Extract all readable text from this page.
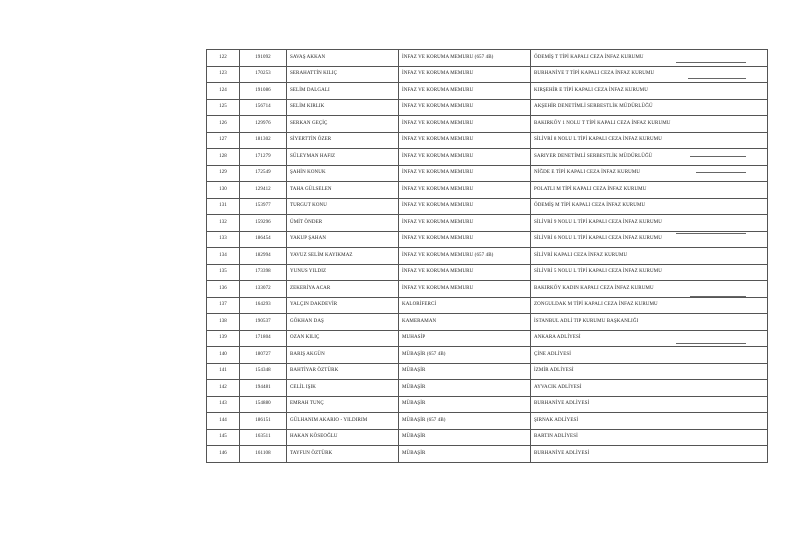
122	191092	SAVAŞ AKKAN	İNFAZ VE KORUMA MEMURU (657 4B)	ÖDEMİŞ T TİPİ KAPALI CEZA İNFAZ KURUMU
123	170253	SERAHATTİN KILIÇ	İNFAZ VE KORUMA MEMURU	BURHANİYE T TİPİ KAPALI CEZA İNFAZ KURUMU
124	191086	SELİM DALGALI	İNFAZ VE KORUMA MEMURU	KIRŞEHİR E TİPİ KAPALI CEZA İNFAZ KURUMU
125	156714	SELİM KIRLIK	İNFAZ VE KORUMA MEMURU	AKŞEHİR DENETİMLİ SERBESTLİK MÜDÜRLÜĞÜ
126	129976	SERKAN GEÇİÇ	İNFAZ VE KORUMA MEMURU	BAKIRKÖY 1 NOLU T TİPİ KAPALI CEZA İNFAZ KURUMU
127	181302	SİYERTTİN ÖZER	İNFAZ VE KORUMA MEMURU	SİLİVRİ 8 NOLU L TİPİ KAPALI CEZA İNFAZ KURUMU
128	171279	SÜLEYMAN HAFIZ	İNFAZ VE KORUMA MEMURU	SARIYER DENETİMLİ SERBESTLİK MÜDÜRLÜĞÜ
129	172549	ŞAHİN KONUK	İNFAZ VE KORUMA MEMURU	NİĞDE E TİPİ KAPALI CEZA İNFAZ KURUMU
130	129412	TAHA GÜLSELEN	İNFAZ VE KORUMA MEMURU	POLATLI M TİPİ KAPALI CEZA İNFAZ KURUMU
131	153977	TURGUT KONU	İNFAZ VE KORUMA MEMURU	ÖDEMİŞ M TİPİ KAPALI CEZA İNFAZ KURUMU
132	159296	ÜMİT ÖNDER	İNFAZ VE KORUMA MEMURU	SİLİVRİ 9 NOLU L TİPİ KAPALI CEZA İNFAZ KURUMU
133	186454	YAKUP ŞAHAN	İNFAZ VE KORUMA MEMURU	SİLİVRİ 6 NOLU L TİPİ KAPALI CEZA İNFAZ KURUMU
134	182994	YAVUZ SELİM KAYIKMAZ	İNFAZ VE KORUMA MEMURU (657 4B)	SİLİVRİ KAPALI CEZA İNFAZ KURUMU
135	173398	YUNUS YILDIZ	İNFAZ VE KORUMA MEMURU	SİLİVRİ 5 NOLU L TİPİ KAPALI CEZA İNFAZ KURUMU
136	133072	ZEKERİYA ACAR	İNFAZ VE KORUMA MEMURU	BAKIRKÖY KADIN KAPALI CEZA İNFAZ KURUMU
137	164293	YALÇIN DAKDEVİR	KALORİFERCİ	ZONGULDAK M TİPİ KAPALI CEZA İNFAZ KURUMU
138	190537	GÖKHAN DAŞ	KAMERAMAN	İSTANBUL ADLİ TIP KURUMU BAŞKANLIĞI
139	171804	OZAN KILIÇ	MUHASİP	ANKARA ADLİYESİ
140	180727	BARIŞ AKGÜN	MÜBAŞİR (657 4B)	ÇİNE ADLİYESİ
141	154348	BAHTİYAR ÖZTÜRK	MÜBAŞİR	İZMİR ADLİYESİ
142	194481	CELİL IŞIK	MÜBAŞİR	AYVACIK ADLİYESİ
143	154880	EMRAH TUNÇ	MÜBAŞİR	BURHANİYE ADLİYESİ
144	186151	GÜLHANIM AKARIO - YILDIRIM	MÜBAŞİR (657 4B)	ŞIRNAK ADLİYESİ
145	163511	HAKAN KÖSEOĞLU	MÜBAŞİR	BARTIN ADLİYESİ
146	161108	TAYFUN ÖZTÜRK	MÜBAŞİR	BURHANİYE ADLİYESİ
